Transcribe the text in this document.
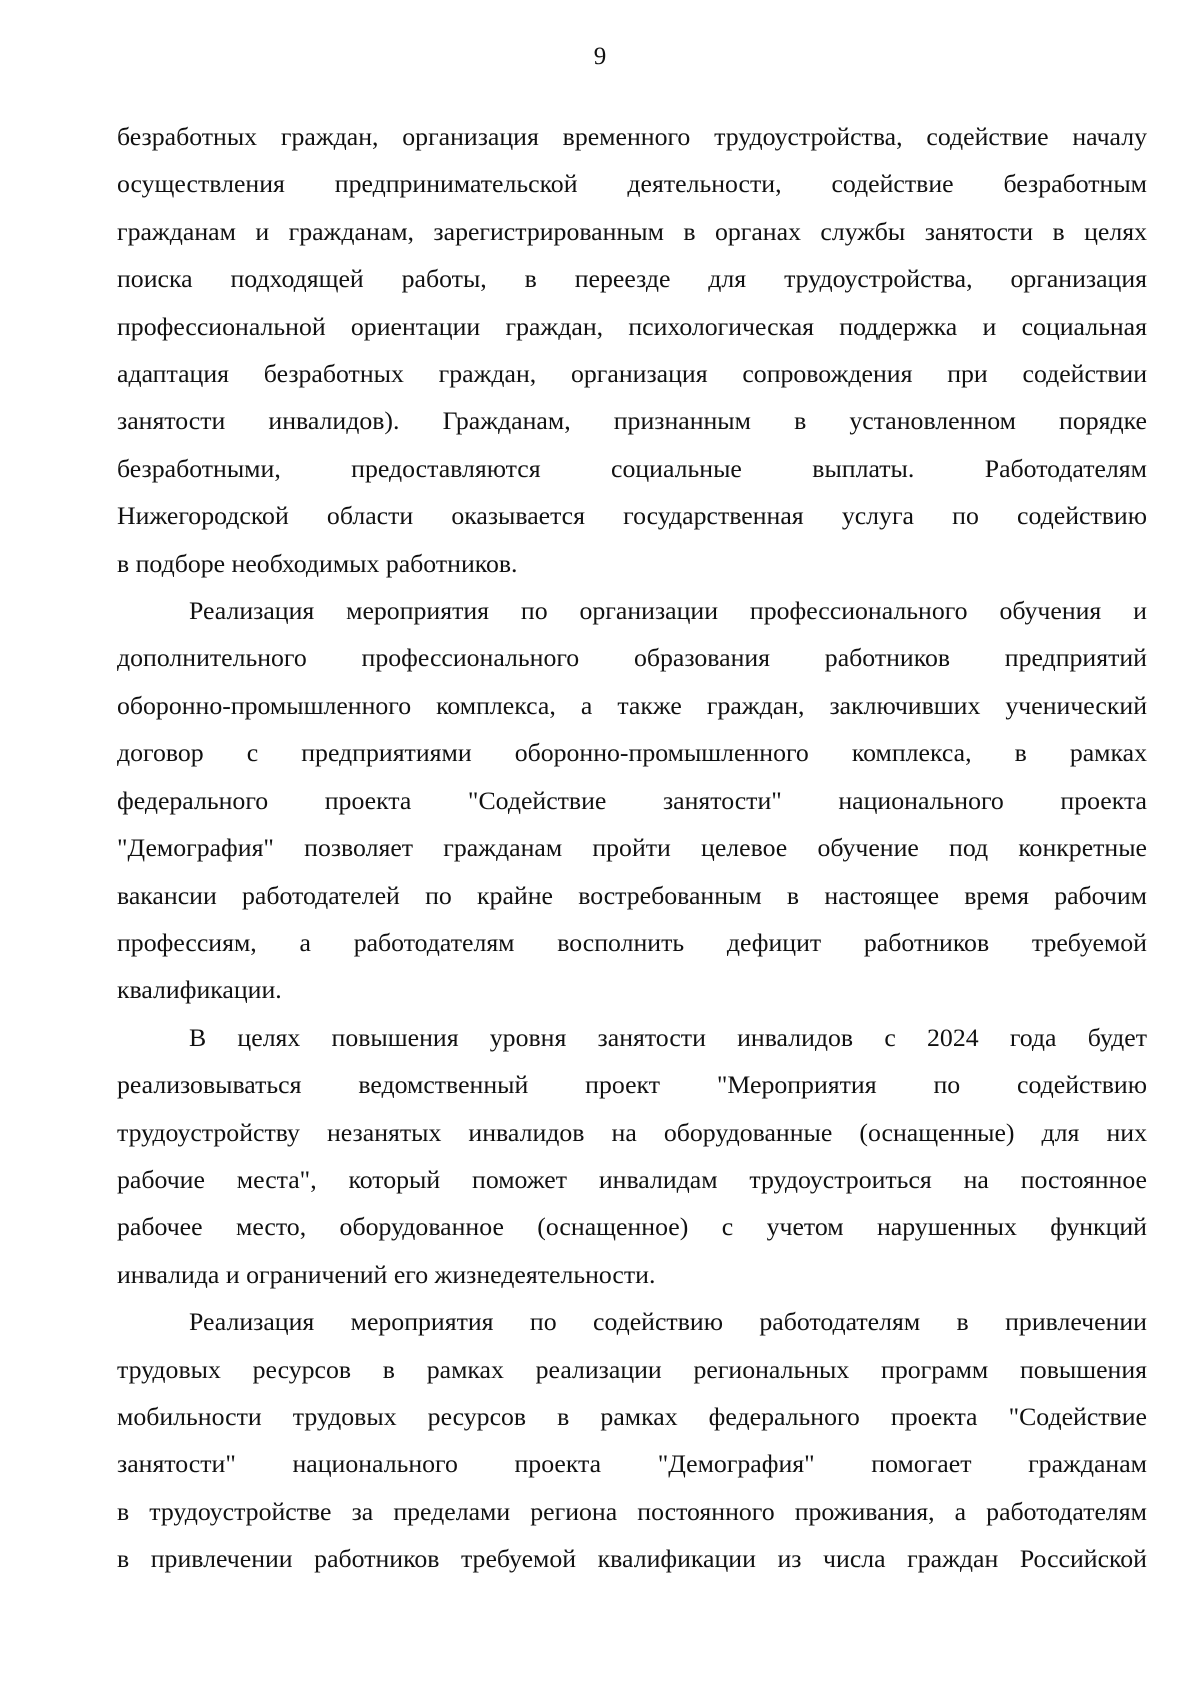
9

безработных граждан, организация временного трудоустройства, содействие началу

осуществления предпринимательской деятельности, содействие безработным

гражданам и гражданам, зарегистрированным в органах службы занятости в целях

поиска подходящей работы, в переезде для трудоустройства, организация

профессиональной ориентации граждан, психологическая поддержка и социальная

адаптация безработных граждан, организация сопровождения при содействии

занятости инвалидов). Гражданам, признанным в установленном порядке

безработными, предоставляются социальные выплаты. Работодателям

Нижегородской области оказывается государственная услуга по содействию

в подборе необходимых работников.

Реализация мероприятия по организации профессионального обучения и

дополнительного профессионального образования работников предприятий

оборонно-промышленного комплекса, а также граждан, заключивших ученический

договор с предприятиями оборонно-промышленного комплекса, в рамках

федерального проекта "Содействие занятости" национального проекта

"Демография" позволяет гражданам пройти целевое обучение под конкретные

вакансии работодателей по крайне востребованным в настоящее время рабочим

профессиям, а работодателям восполнить дефицит работников требуемой

квалификации.

В целях повышения уровня занятости инвалидов с 2024 года будет

реализовываться ведомственный проект "Мероприятия по содействию

трудоустройству незанятых инвалидов на оборудованные (оснащенные) для них

рабочие места", который поможет инвалидам трудоустроиться на постоянное

рабочее место, оборудованное (оснащенное) с учетом нарушенных функций

инвалида и ограничений его жизнедеятельности.

Реализация мероприятия по содействию работодателям в привлечении

трудовых ресурсов в рамках реализации региональных программ повышения

мобильности трудовых ресурсов в рамках федерального проекта "Содействие

занятости" национального проекта "Демография" помогает гражданам

в трудоустройстве за пределами региона постоянного проживания, а работодателям

в привлечении работников требуемой квалификации из числа граждан Российской
